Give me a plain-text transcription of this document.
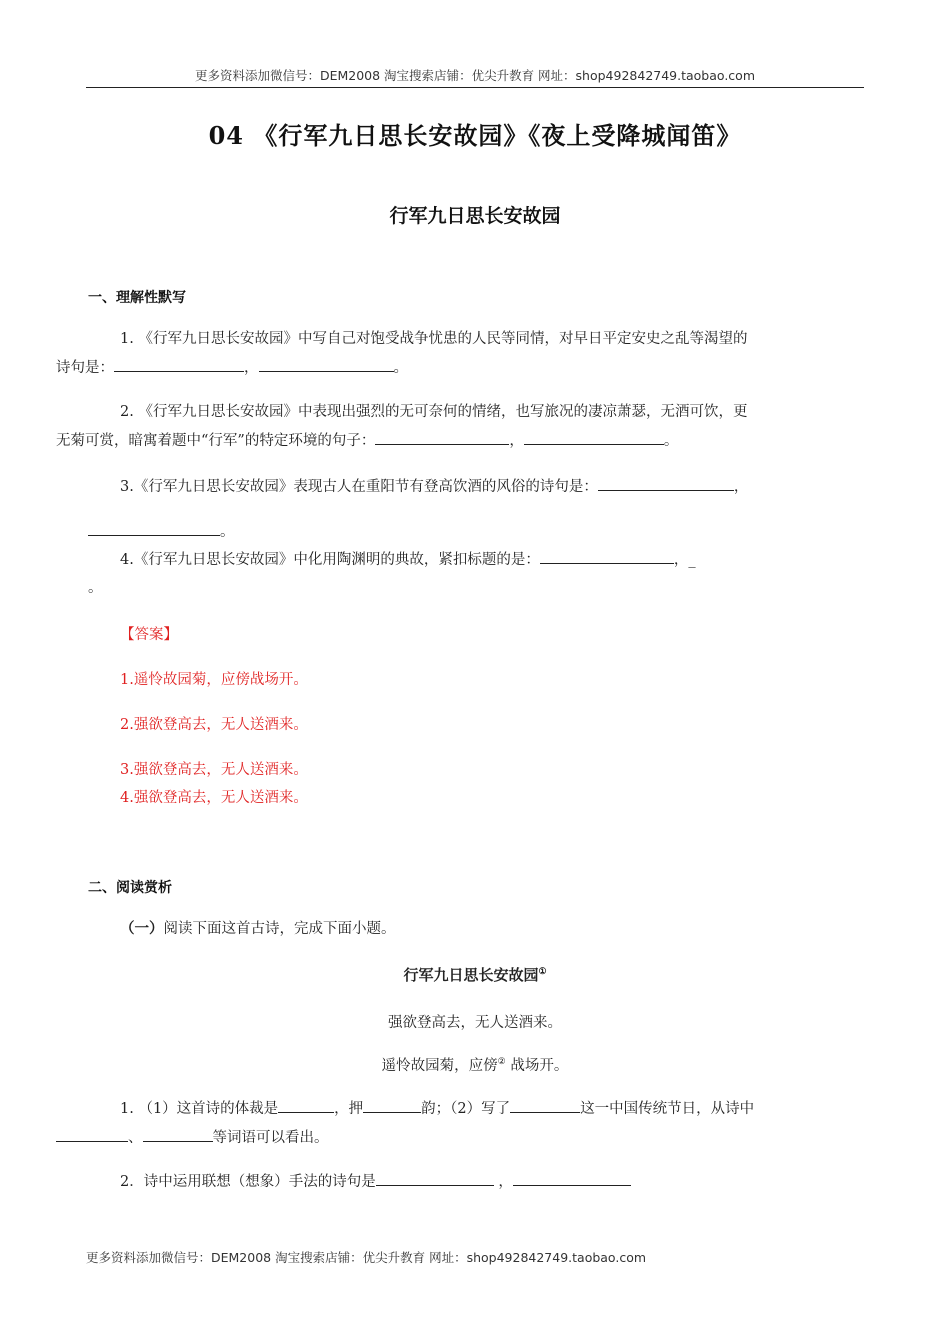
更多资料添加微信号：DEM2008 淘宝搜索店铺：优尖升教育 网址：shop492842749.taobao.com
04 《行军九日思长安故园》《夜上受降城闻笛》
行军九日思长安故园
一、理解性默写
1. 《行军九日思长安故园》中写自己对饱受战争忧患的人民等同情，对早日平定安史之乱等渴望的
诗句是：	，	。
2. 《行军九日思长安故园》中表现出强烈的无可奈何的情绪，也写旅况的凄凉萧瑟，无酒可饮，更
无菊可赏，暗寓着题中“行军”的特定环境的句子：	，	。
3.《行军九日思长安故园》表现古人在重阳节有登高饮酒的风俗的诗句是：	，
。
4.《行军九日思长安故园》中化用陶渊明的典故，紧扣标题的是：	，_
。
【答案】
1.遥怜故园菊，应傍战场开。
2.强欲登高去，无人送酒来。
3.强欲登高去，无人送酒来。
4.强欲登高去，无人送酒来。
二、阅读赏析
（一）阅读下面这首古诗，完成下面小题。
行军九日思长安故园①
强欲登高去，无人送酒来。
遥怜故园菊，应傍② 战场开。
1. （1）这首诗的体裁是	，押	韵；（2）写了	这一中国传统节日，从诗中
、	等词语可以看出。
2．诗中运用联想（想象）手法的诗句是	，
更多资料添加微信号：DEM2008 淘宝搜索店铺：优尖升教育 网址：shop492842749.taobao.com
